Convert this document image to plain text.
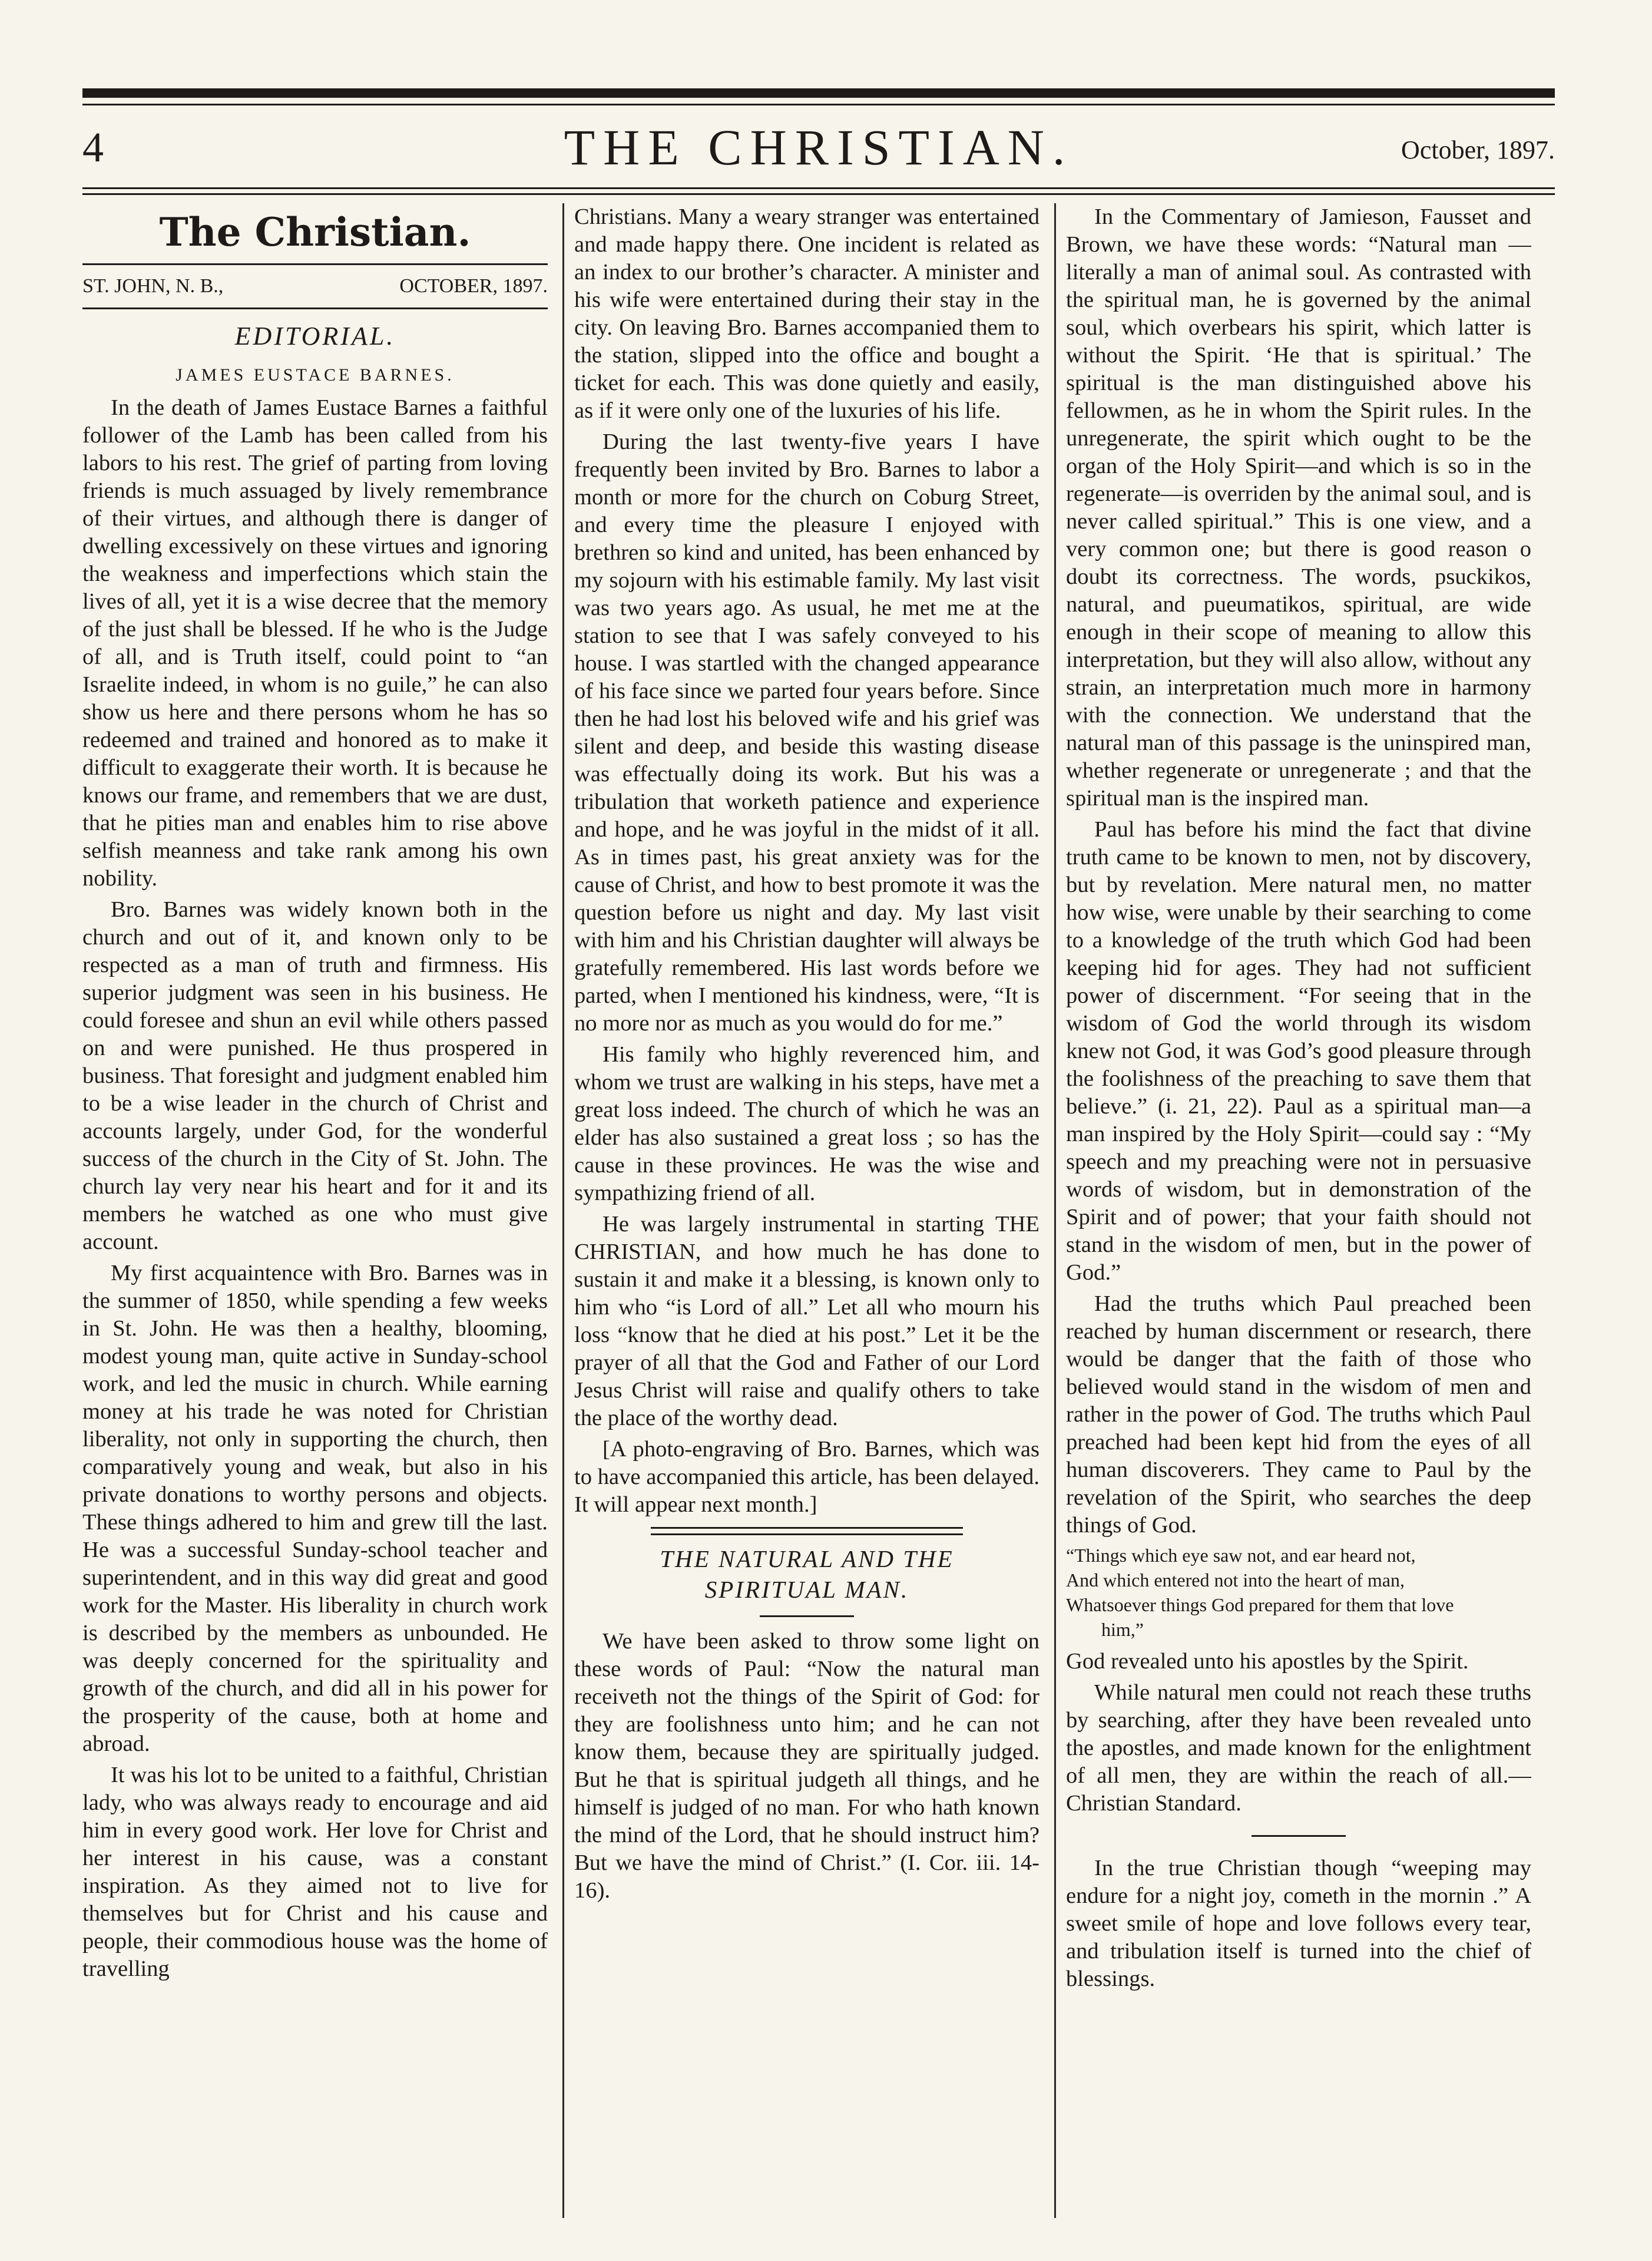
4	THE CHRISTIAN.	October, 1897.
The Christian.
ST. JOHN, N. B.,	OCTOBER, 1897.
EDITORIAL.
JAMES EUSTACE BARNES.

In the death of James Eustace Barnes a faithful follower of the Lamb has been called from his labors to his rest. The grief of parting from loving friends is much assuaged by lively remembrance of their virtues, and although there is danger of dwelling excessively on these virtues and ignoring the weakness and imperfections which stain the lives of all, yet it is a wise decree that the memory of the just shall be blessed. If he who is the Judge of all, and is Truth itself, could point to “an Israelite indeed, in whom is no guile,” he can also show us here and there persons whom he has so redeemed and trained and honored as to make it difficult to exaggerate their worth. It is because he knows our frame, and remembers that we are dust, that he pities man and enables him to rise above selfish meanness and take rank among his own nobility.

Bro. Barnes was widely known both in the church and out of it, and known only to be respected as a man of truth and firmness. His superior judgment was seen in his business. He could foresee and shun an evil while others passed on and were punished. He thus prospered in business. That foresight and judgment enabled him to be a wise leader in the church of Christ and accounts largely, under God, for the wonderful success of the church in the City of St. John. The church lay very near his heart and for it and its members he watched as one who must give account.

My first acquaintence with Bro. Barnes was in the summer of 1850, while spending a few weeks in St. John. He was then a healthy, blooming, modest young man, quite active in Sunday-school work, and led the music in church. While earning money at his trade he was noted for Christian liberality, not only in supporting the church, then comparatively young and weak, but also in his private donations to worthy persons and objects. These things adhered to him and grew till the last. He was a successful Sunday-school teacher and superintendent, and in this way did great and good work for the Master. His liberality in church work is described by the members as unbounded. He was deeply concerned for the spirituality and growth of the church, and did all in his power for the prosperity of the cause, both at home and abroad.

It was his lot to be united to a faithful, Christian lady, who was always ready to encourage and aid him in every good work. Her love for Christ and her interest in his cause, was a constant inspiration. As they aimed not to live for themselves but for Christ and his cause and people, their commodious house was the home of travelling

Christians. Many a weary stranger was entertained and made happy there. One incident is related as an index to our brother’s character. A minister and his wife were entertained during their stay in the city. On leaving Bro. Barnes accompanied them to the station, slipped into the office and bought a ticket for each. This was done quietly and easily, as if it were only one of the luxuries of his life.

During the last twenty-five years I have frequently been invited by Bro. Barnes to labor a month or more for the church on Coburg Street, and every time the pleasure I enjoyed with brethren so kind and united, has been enhanced by my sojourn with his estimable family. My last visit was two years ago. As usual, he met me at the station to see that I was safely conveyed to his house. I was startled with the changed appearance of his face since we parted four years before. Since then he had lost his beloved wife and his grief was silent and deep, and beside this wasting disease was effectually doing its work. But his was a tribulation that worketh patience and experience and hope, and he was joyful in the midst of it all. As in times past, his great anxiety was for the cause of Christ, and how to best promote it was the question before us night and day. My last visit with him and his Christian daughter will always be gratefully remembered. His last words before we parted, when I mentioned his kindness, were, “It is no more nor as much as you would do for me.”

His family who highly reverenced him, and whom we trust are walking in his steps, have met a great loss indeed. The church of which he was an elder has also sustained a great loss ; so has the cause in these provinces. He was the wise and sympathizing friend of all.

He was largely instrumental in starting THE CHRISTIAN, and how much he has done to sustain it and make it a blessing, is known only to him who “is Lord of all.” Let all who mourn his loss “know that he died at his post.” Let it be the prayer of all that the God and Father of our Lord Jesus Christ will raise and qualify others to take the place of the worthy dead.

[A photo-engraving of Bro. Barnes, which was to have accompanied this article, has been delayed. It will appear next month.]

THE NATURAL AND THE SPIRITUAL MAN.

We have been asked to throw some light on these words of Paul: “Now the natural man receiveth not the things of the Spirit of God: for they are foolishness unto him; and he can not know them, because they are spiritually judged. But he that is spiritual judgeth all things, and he himself is judged of no man. For who hath known the mind of the Lord, that he should instruct him? But we have the mind of Christ.” (I. Cor. iii. 14-16).

In the Commentary of Jamieson, Fausset and Brown, we have these words: “Natural man — literally a man of animal soul. As contrasted with the spiritual man, he is governed by the animal soul, which overbears his spirit, which latter is without the Spirit. ‘He that is spiritual.’ The spiritual is the man distinguished above his fellowmen, as he in whom the Spirit rules. In the unregenerate, the spirit which ought to be the organ of the Holy Spirit—and which is so in the regenerate—is overriden by the animal soul, and is never called spiritual.” This is one view, and a very common one; but there is good reason o doubt its correctness. The words, psuckikos, natural, and pueumatikos, spiritual, are wide enough in their scope of meaning to allow this interpretation, but they will also allow, without any strain, an interpretation much more in harmony with the connection. We understand that the natural man of this passage is the uninspired man, whether regenerate or unregenerate ; and that the spiritual man is the inspired man.

Paul has before his mind the fact that divine truth came to be known to men, not by discovery, but by revelation. Mere natural men, no matter how wise, were unable by their searching to come to a knowledge of the truth which God had been keeping hid for ages. They had not sufficient power of discernment. “For seeing that in the wisdom of God the world through its wisdom knew not God, it was God’s good pleasure through the foolishness of the preaching to save them that believe.” (i. 21, 22). Paul as a spiritual man—a man inspired by the Holy Spirit—could say : “My speech and my preaching were not in persuasive words of wisdom, but in demonstration of the Spirit and of power; that your faith should not stand in the wisdom of men, but in the power of God.”

Had the truths which Paul preached been reached by human discernment or research, there would be danger that the faith of those who believed would stand in the wisdom of men and rather in the power of God. The truths which Paul preached had been kept hid from the eyes of all human discoverers. They came to Paul by the revelation of the Spirit, who searches the deep things of God.

“Things which eye saw not, and ear heard not,
And which entered not into the heart of man,
Whatsoever things God prepared for them that love
him,”

God revealed unto his apostles by the Spirit.

While natural men could not reach these truths by searching, after they have been revealed unto the apostles, and made known for the enlightment of all men, they are within the reach of all.—Christian Standard.

In the true Christian though “weeping may endure for a night joy, cometh in the mornin .” A sweet smile of hope and love follows every tear, and tribulation itself is turned into the chief of blessings.
